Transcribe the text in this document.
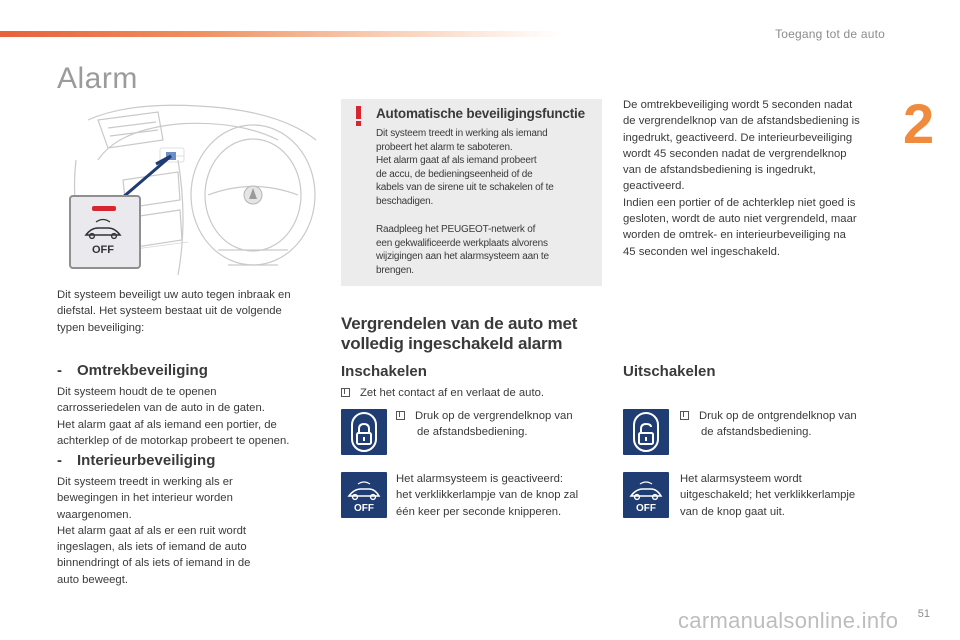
Toegang tot de auto
2
Alarm
OFF
Dit systeem beveiligt uw auto tegen inbraak en
diefstal. Het systeem bestaat uit de volgende
typen beveiliging:
- Omtrekbeveiliging
Dit systeem houdt de te openen
carrosseriedelen van de auto in de gaten.
Het alarm gaat af als iemand een portier, de
achterklep of de motorkap probeert te openen.
- Interieurbeveiliging
Dit systeem treedt in werking als er
bewegingen in het interieur worden
waargenomen.
Het alarm gaat af als er een ruit wordt
ingeslagen, als iets of iemand de auto
binnendringt of als iets of iemand in de
auto beweegt.
Automatische beveiligingsfunctie
Dit systeem treedt in werking als iemand
probeert het alarm te saboteren.
Het alarm gaat af als iemand probeert
de accu, de bedieningseenheid of de
kabels van de sirene uit te schakelen of te
beschadigen.
Raadpleeg het PEUGEOT-netwerk of
een gekwalificeerde werkplaats alvorens
wijzigingen aan het alarmsysteem aan te
brengen.
De omtrekbeveiliging wordt 5 seconden nadat
de vergrendelknop van de afstandsbediening is
ingedrukt, geactiveerd. De interieurbeveiliging
wordt 45 seconden nadat de vergrendelknop
van de afstandsbediening is ingedrukt,
geactiveerd.
Indien een portier of de achterklep niet goed is
gesloten, wordt de auto niet vergrendeld, maar
worden de omtrek- en interieurbeveiliging na
45 seconden wel ingeschakeld.
Vergrendelen van de auto met
volledig ingeschakeld alarm
Inschakelen
Zet het contact af en verlaat de auto.
Druk op de vergrendelknop van
de afstandsbediening.
OFF
Het alarmsysteem is geactiveerd:
het verklikkerlampje van de knop zal
één keer per seconde knipperen.
Uitschakelen
Druk op de ontgrendelknop van
de afstandsbediening.
OFF
Het alarmsysteem wordt
uitgeschakeld; het verklikkerlampje
van de knop gaat uit.
51
carmanualsonline.info
